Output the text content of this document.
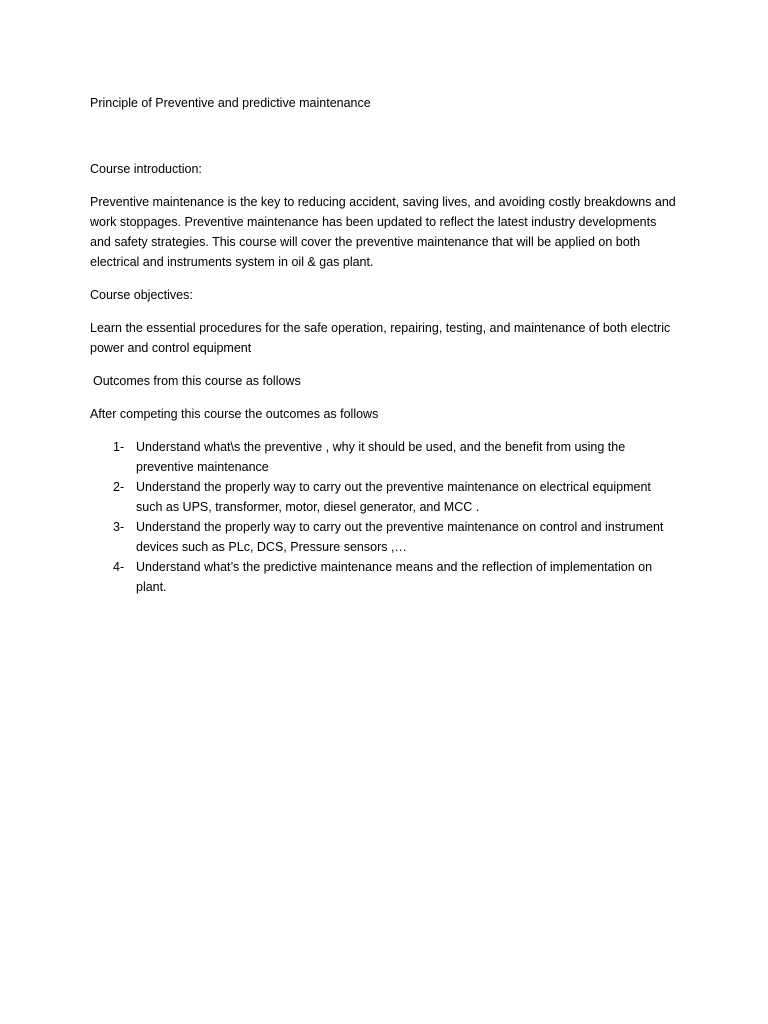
Principle of Preventive and predictive maintenance

Course introduction:

Preventive maintenance is the key to reducing accident, saving lives, and avoiding costly breakdowns and work stoppages. Preventive maintenance has been updated to reflect the latest industry developments and safety strategies. This course will cover the preventive maintenance that will be applied on both electrical and instruments system in oil & gas plant.

Course objectives:

Learn the essential procedures for the safe operation, repairing, testing, and maintenance of both electric power and control equipment

Outcomes from this course as follows

After competing this course the outcomes as follows

1- Understand what\s the preventive , why it should be used, and the benefit from using the preventive maintenance
2- Understand the properly way to carry out the preventive maintenance on electrical equipment such as UPS, transformer, motor, diesel generator, and MCC .
3- Understand the properly way to carry out the preventive maintenance on control and instrument devices such as PLc, DCS, Pressure sensors ,…
4- Understand what’s the predictive maintenance means and the reflection of implementation on plant.
